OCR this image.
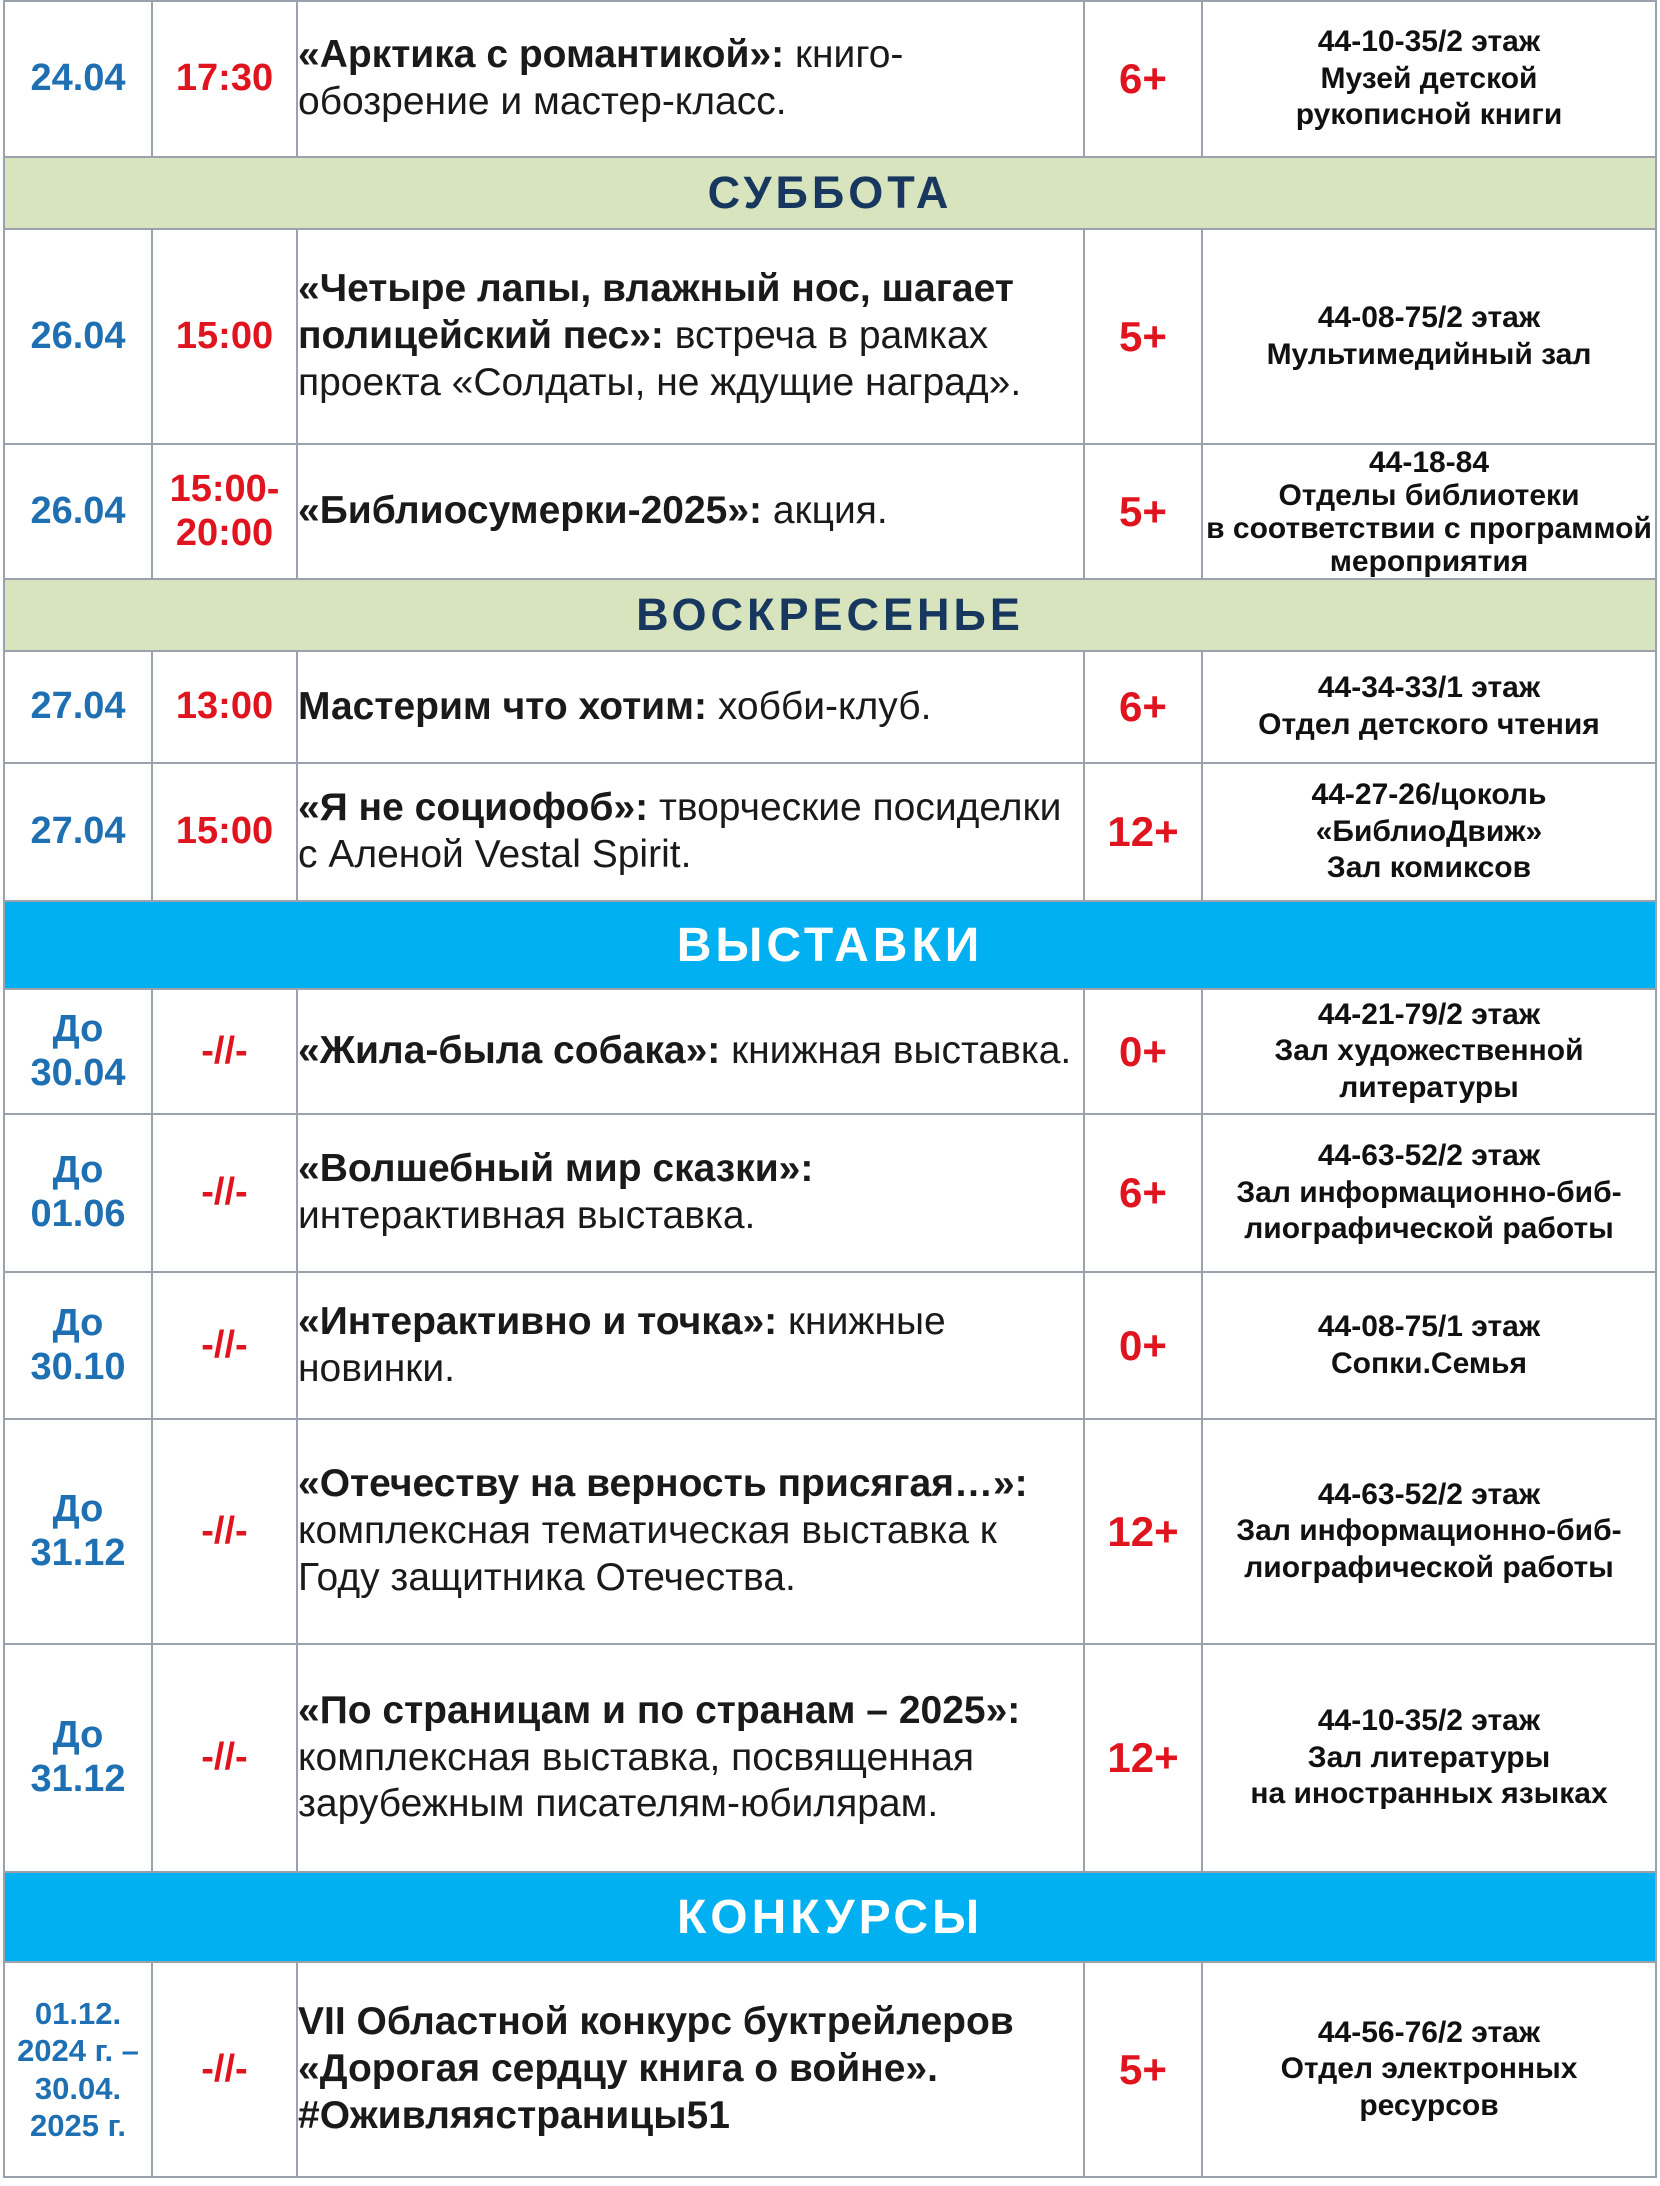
24.04	17:30	«Арктика с романтикой»: книго-обозрение и мастер-класс.	6+	44-10-35/2 этаж
Музей детской
рукописной книги

СУББОТА				
26.04	15:00	«Четыре лапы, влажный нос, шагает полицейский пес»: встреча в рамках проекта «Солдаты, не ждущие наград».	5+	44-08-75/2 этаж
Мультимедийный зал

26.04	15:00-20:00	«Библиосумерки-2025»: акция.	5+	44-18-84
Отделы библиотеки
в соответствии с программой
мероприятия

ВОСКРЕСЕНЬЕ				
27.04	13:00	Мастерим что хотим: хобби-клуб.	6+	44-34-33/1 этаж
Отдел детского чтения

27.04	15:00	«Я не социофоб»: творческие посиделки с Аленой Vestal Spirit.	12+	44-27-26/цоколь
«БиблиоДвиж»
Зал комиксов

ВЫСТАВКИ				
До 30.04	-//-	«Жила-была собака»: книжная выставка.	0+	44-21-79/2 этаж
Зал художественной
литературы

До 01.06	-//-	«Волшебный мир сказки»: интерактивная выставка.	6+	44-63-52/2 этаж
Зал информационно-биб-
лиографической работы

До 30.10	-//-	«Интерактивно и точка»: книжные новинки.	0+	44-08-75/1 этаж
Сопки.Семья

До 31.12	-//-	«Отечеству на верность присягая…»: комплексная тематическая выставка к Году защитника Отечества.	12+	44-63-52/2 этаж
Зал информационно-биб-
лиографической работы

До 31.12	-//-	«По страницам и по странам – 2025»: комплексная выставка, посвященная зарубежным писателям-юбилярам.	12+	44-10-35/2 этаж
Зал литературы
на иностранных языках

КОНКУРСЫ				
01.12. 2024 г. – 30.04. 2025 г.	-//-	VII Областной конкурс буктрейлеров «Дорогая сердцу книга о войне». #Оживляястраницы51	5+	44-56-76/2 этаж
Отдел электронных
ресурсов
